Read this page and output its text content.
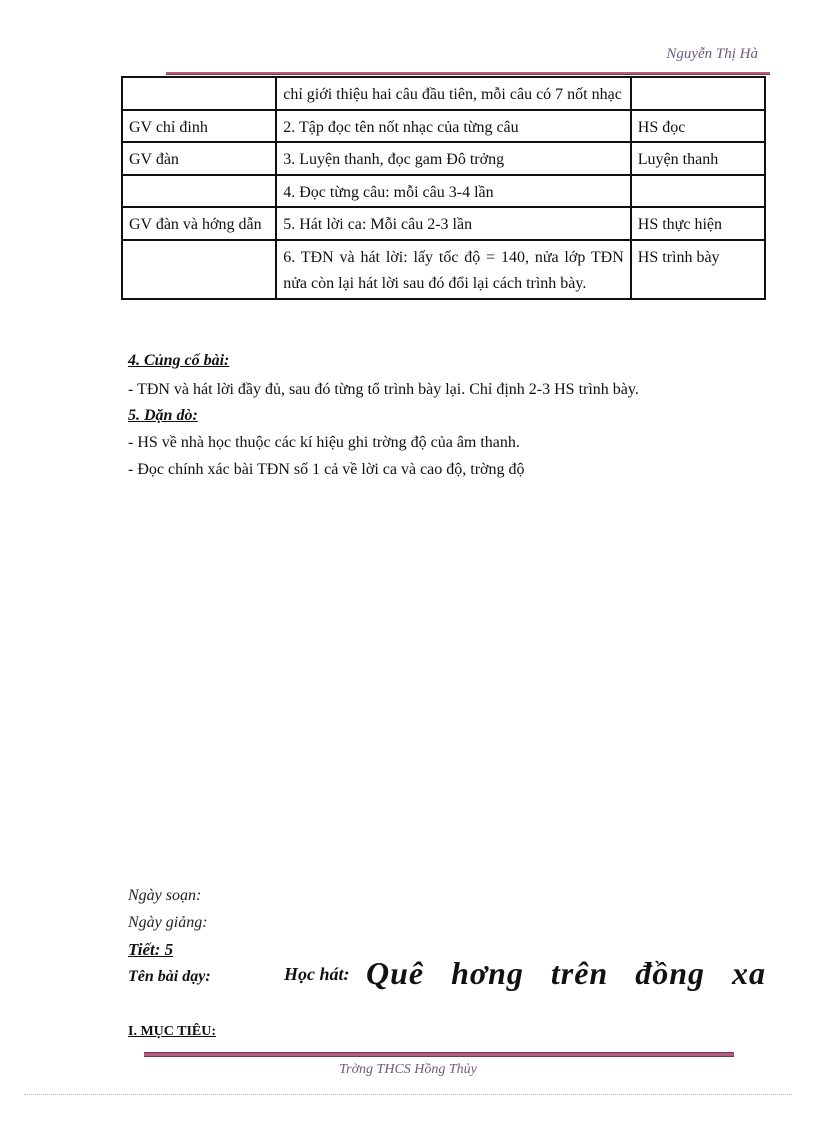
Nguyễn Thị Hà
	chỉ giới thiệu hai câu đầu tiên, mỗi câu có 7 nốt nhạc	
GV chỉ đinh	2. Tập đọc tên nốt nhạc của từng câu	HS đọc
GV đàn	3. Luyện thanh, đọc gam Đô trởng	Luyện thanh
	4. Đọc từng câu: mỗi câu 3-4 lần	
GV đàn và hớng dẫn	5. Hát lời ca: Mỗi câu 2-3 lần	HS thực hiện
	6. TĐN và hát lời: lấy tốc độ = 140, nửa lớp TĐN nửa còn lại hát lời sau đó đổi lại cách trình bày.	HS trình bày
4. Củng cố bài:
- TĐN và hát lời đầy đủ, sau đó từng tổ trình bày lại. Chỉ định 2-3 HS trình bày.
5. Dặn dò:
- HS về nhà học thuộc các kí hiệu ghi trờng độ của âm thanh.
- Đọc chính xác bài TĐN số 1 cả về lời ca và cao độ, trờng độ
Ngày soạn:
Ngày giảng:
Tiết: 5
Tên bài dạy:	Học hát: Quê hơng trên đồng xa
I. MỤC TIÊU:
Trờng THCS Hồng Thủy
